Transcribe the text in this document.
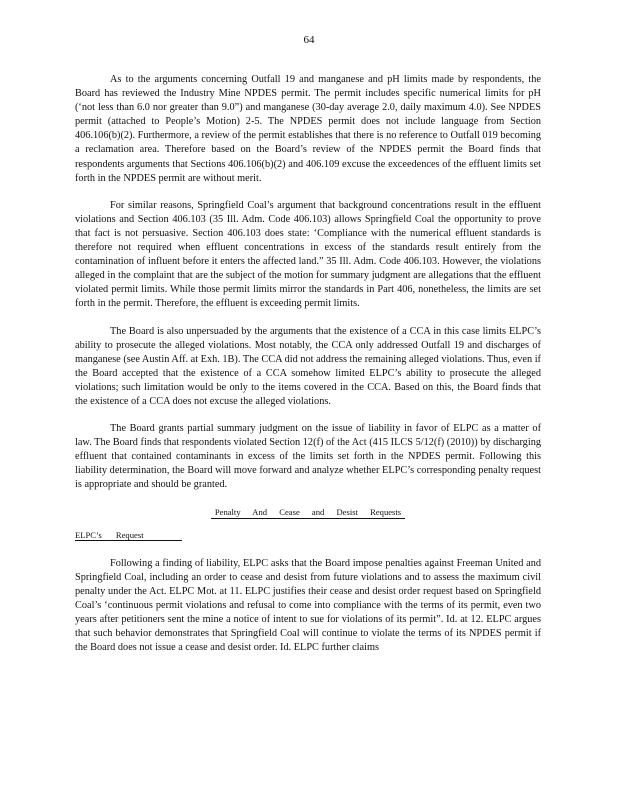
64

As to the arguments concerning Outfall 19 and manganese and pH limits made by respondents, the Board has reviewed the Industry Mine NPDES permit. The permit includes specific numerical limits for pH (‘not less than 6.0 nor greater than 9.0”) and manganese (30-day average 2.0, daily maximum 4.0). See NPDES permit (attached to People’s Motion) 2-5. The NPDES permit does not include language from Section 406.106(b)(2). Furthermore, a review of the permit establishes that there is no reference to Outfall 019 becoming a reclamation area. Therefore based on the Board’s review of the NPDES permit the Board finds that respondents arguments that Sections 406.106(b)(2) and 406.109 excuse the exceedences of the effluent limits set forth in the NPDES permit are without merit.

For similar reasons, Springfield Coal’s argument that background concentrations result in the effluent violations and Section 406.103 (35 Ill. Adm. Code 406.103) allows Springfield Coal the opportunity to prove that fact is not persuasive. Section 406.103 does state: ‘Compliance with the numerical effluent standards is therefore not required when effluent concentrations in excess of the standards result entirely from the contamination of influent before it enters the affected land.” 35 Ill. Adm. Code 406.103. However, the violations alleged in the complaint that are the subject of the motion for summary judgment are allegations that the effluent violated permit limits. While those permit limits mirror the standards in Part 406, nonetheless, the limits are set forth in the permit. Therefore, the effluent is exceeding permit limits.

The Board is also unpersuaded by the arguments that the existence of a CCA in this case limits ELPC’s ability to prosecute the alleged violations. Most notably, the CCA only addressed Outfall 19 and discharges of manganese (see Austin Aff. at Exh. 1B). The CCA did not address the remaining alleged violations. Thus, even if the Board accepted that the existence of a CCA somehow limited ELPC’s ability to prosecute the alleged violations; such limitation would be only to the items covered in the CCA. Based on this, the Board finds that the existence of a CCA does not excuse the alleged violations.

The Board grants partial summary judgment on the issue of liability in favor of ELPC as a matter of law. The Board finds that respondents violated Section 12(f) of the Act (415 ILCS 5/12(f) (2010)) by discharging effluent that contained contaminants in excess of the limits set forth in the NPDES permit. Following this liability determination, the Board will move forward and analyze whether ELPC’s corresponding penalty request is appropriate and should be granted.

Penalty And Cease and Desist Requests
ELPC’s Request

Following a finding of liability, ELPC asks that the Board impose penalties against Freeman United and Springfield Coal, including an order to cease and desist from future violations and to assess the maximum civil penalty under the Act. ELPC Mot. at 11. ELPC justifies their cease and desist order request based on Springfield Coal’s ‘continuous permit violations and refusal to come into compliance with the terms of its permit, even two years after petitioners sent the mine a notice of intent to sue for violations of its permit”. Id. at 12. ELPC argues that such behavior demonstrates that Springfield Coal will continue to violate the terms of its NPDES permit if the Board does not issue a cease and desist order. Id. ELPC further claims
